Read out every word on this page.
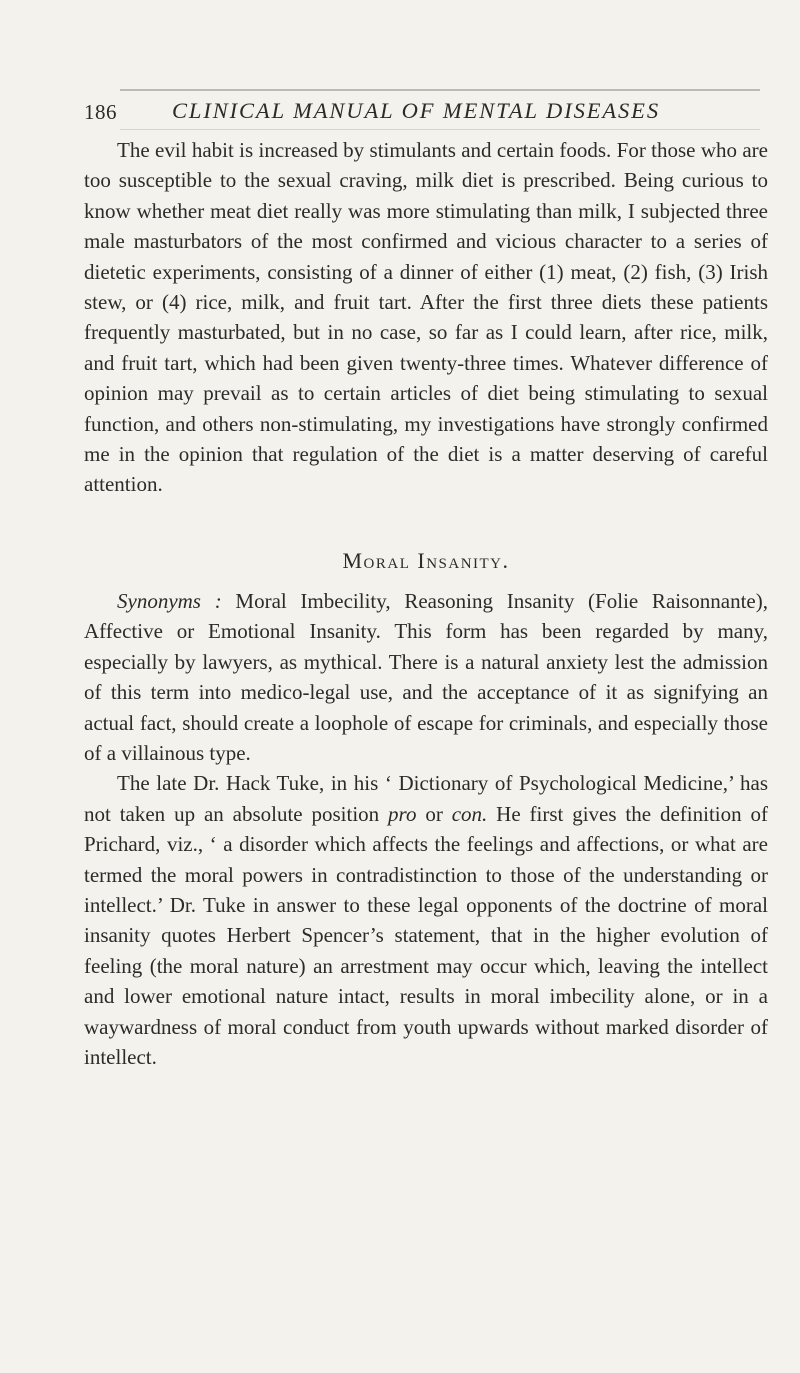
186 CLINICAL MANUAL OF MENTAL DISEASES

The evil habit is increased by stimulants and certain foods. For those who are too susceptible to the sexual craving, milk diet is prescribed. Being curious to know whether meat diet really was more stimulating than milk, I subjected three male masturbators of the most confirmed and vicious character to a series of dietetic experiments, consisting of a dinner of either (1) meat, (2) fish, (3) Irish stew, or (4) rice, milk, and fruit tart. After the first three diets these patients frequently masturbated, but in no case, so far as I could learn, after rice, milk, and fruit tart, which had been given twenty-three times. Whatever difference of opinion may prevail as to certain articles of diet being stimulating to sexual function, and others non-stimulating, my investigations have strongly confirmed me in the opinion that regulation of the diet is a matter deserving of careful attention.

Moral Insanity.

Synonyms : Moral Imbecility, Reasoning Insanity (Folie Raisonnante), Affective or Emotional Insanity. This form has been regarded by many, especially by lawyers, as mythical. There is a natural anxiety lest the admission of this term into medico-legal use, and the acceptance of it as signifying an actual fact, should create a loophole of escape for criminals, and especially those of a villainous type.

The late Dr. Hack Tuke, in his ‘ Dictionary of Psychological Medicine,’ has not taken up an absolute position pro or con. He first gives the definition of Prichard, viz., ‘ a disorder which affects the feelings and affections, or what are termed the moral powers in contradistinction to those of the understanding or intellect.’ Dr. Tuke in answer to these legal opponents of the doctrine of moral insanity quotes Herbert Spencer’s statement, that in the higher evolution of feeling (the moral nature) an arrestment may occur which, leaving the intellect and lower emotional nature intact, results in moral imbecility alone, or in a waywardness of moral conduct from youth upwards without marked disorder of intellect.
